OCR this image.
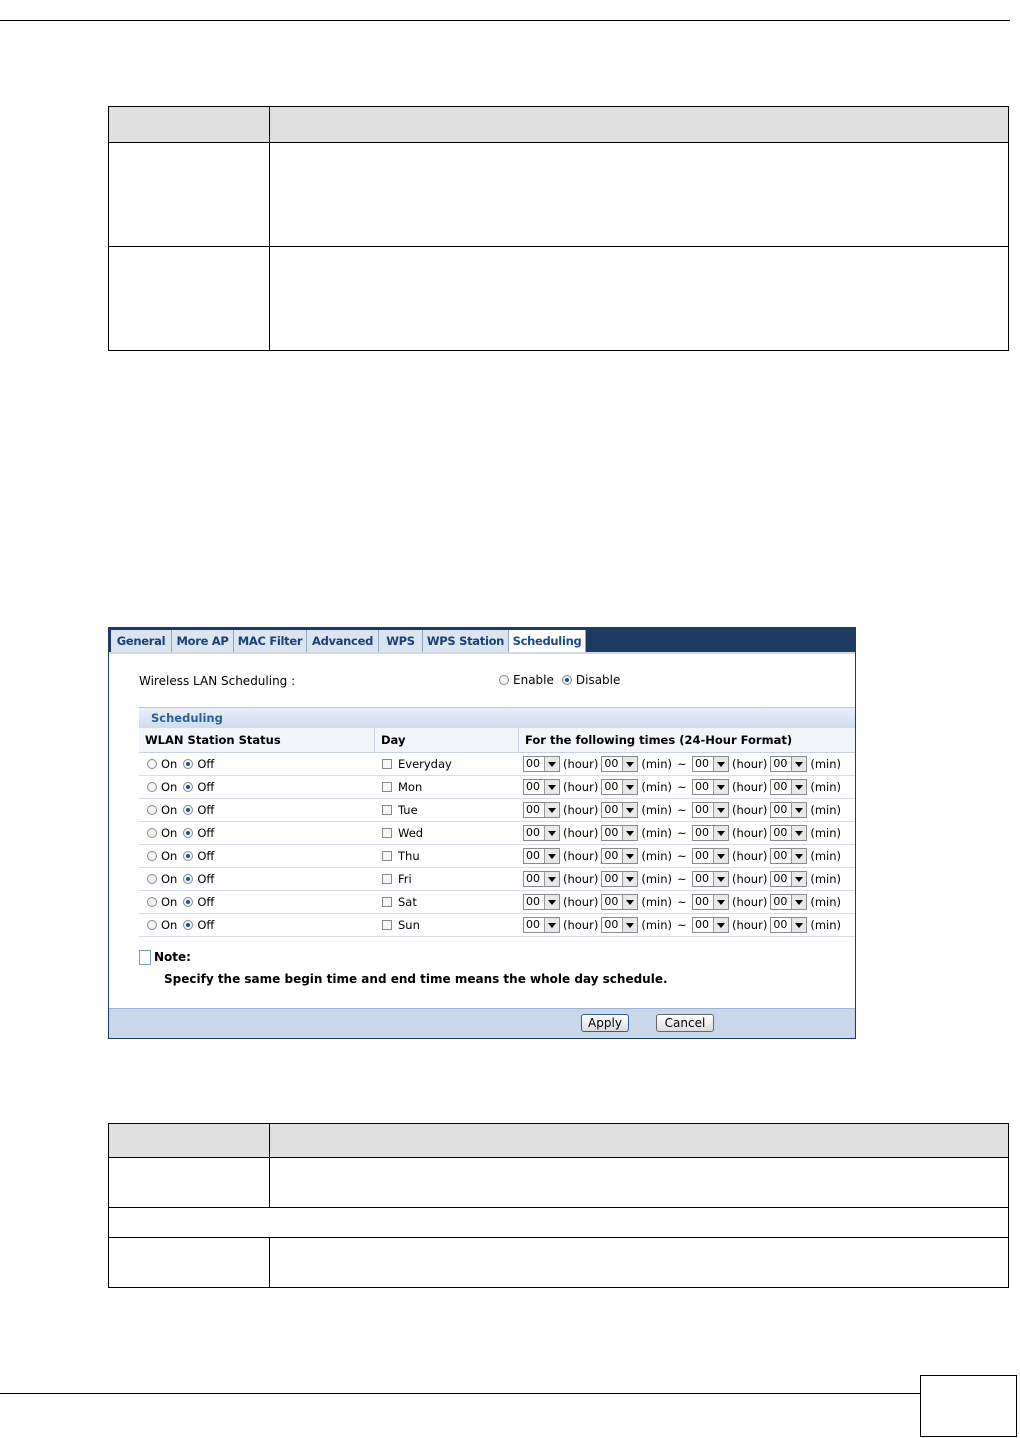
General More AP MAC Filter Advanced	WPS	WPS Station Scheduling
Wireless LAN Scheduling :	Enable Disable
Scheduling
WLAN Station Status	Day	For the following times (24-Hour Format)
On Off	Everyday	00	(hour) 00	(min) ~ 00	(hour) 00	(min)
On Off	Mon	00	(hour) 00	(min) ~ 00	(hour) 00	(min)
On Off	Tue	00	(hour) 00	(min) ~ 00	(hour) 00	(min)
On Off	Wed	00	(hour) 00	(min) ~ 00	(hour) 00	(min)
On Off	Thu	00	(hour) 00	(min) ~ 00	(hour) 00	(min)
On Off	Fri	00	(hour) 00	(min) ~ 00	(hour) 00	(min)
On Off	Sat	00	(hour) 00	(min) ~ 00	(hour) 00	(min)
On Off	Sun	00	(hour) 00	(min) ~ 00	(hour) 00	(min)
Note:
Specify the same begin time and end time means the whole day schedule.
Apply	Cancel
